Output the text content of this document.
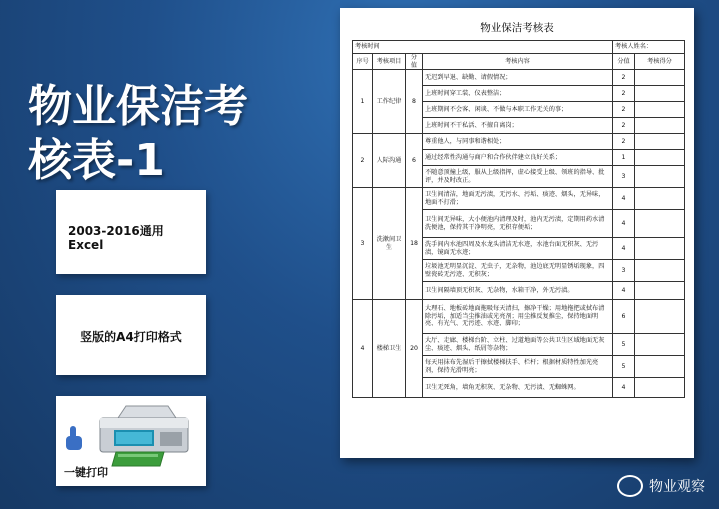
物业保洁考
核表-1
2003-2016通用
Excel
竖版的A4打印格式
一键打印
物业保洁考核表
考核时间				考核人姓名：	
序号	考核项目	分值	考核内容	分值	考核得分
1	工作纪律	8	无迟到早退、缺勤、请假情况；	2	
			上班时间穿工装、仪表整洁；	2	
			上班期间不会客、闲谈、不做与本职工作无关的事；	2	
			上班时间不干私活、不擅自离岗；	2	
2	人际沟通	6	尊重他人，与同事和谐相处；	2	
			通过经常性沟通与商户和合作伙伴建立良好关系；	1	
			不随意顶撞上级，服从上级指挥，虚心接受上级、领班的指导、批评，并及时改正。	3	
3	洗漱间卫生	18	卫生间清洁，地面无污渍，无污水、污垢、痰迹、烟头，无异味，地面不打滑；	4	
			卫生间无异味，大小便池内清理及时，池内无污渍，定期用药水清洗便池，保持其干净明亮，无积存便垢；	4	
			洗手间内水池四周及水龙头清洁无水迹，水池台面无积灰、无污渍，镜面无水迹；	4	
			垃圾池无明显沉淀、无虫子，无杂物，池边底无明显锈垢现象，四壁瓷砖无污迹、无积灰；	3	
			卫生间隔墙顶无积灰、无杂物，水箱干净，外无污渍。	4	
4	楼梯卫生	20	大理石、地板砖地面拖吸每天清扫，擦净干燥；用地拖把或拭布清除污垢，加适当尘推油或光亮剂；用尘推反复推尘，保持地面明亮、有光气、无污迹、水迹、脚印；	6	
			大厅、走廊、楼梯台阶、立柱、过道地面等公共卫生区域地面无灰尘、痰迹、烟头、纸屑等杂物；	5	
			每天用抹布先湿后干擦拭楼梯扶手、栏杆；根据材质特性加光亮剂，保持光滑明亮；	5	
			卫生无死角，墙角无积灰、无杂物、无污渍、无蜘蛛网。	4	
物业观察
